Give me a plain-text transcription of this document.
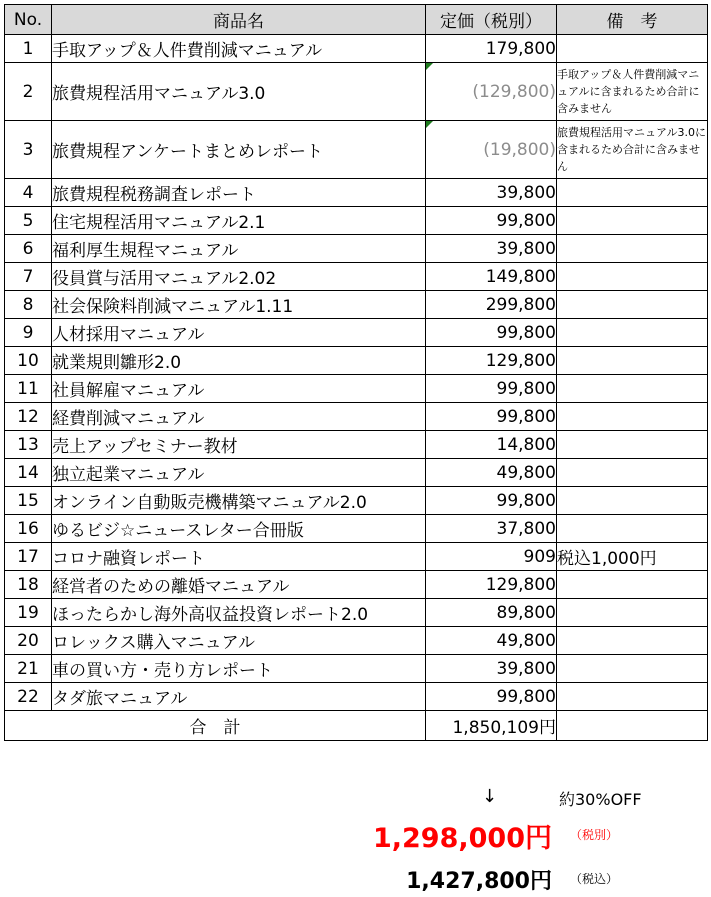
No.	商品名	定価（税別）	備　考
1	手取アップ＆人件費削減マニュアル	179,800	
2	旅費規程活用マニュアル3.0	(129,800)	手取アップ＆人件費削減マニュアルに含まれるため合計に含みません
3	旅費規程アンケートまとめレポート	(19,800)	旅費規程活用マニュアル3.0に含まれるため合計に含みません
4	旅費規程税務調査レポート	39,800	
5	住宅規程活用マニュアル2.1	99,800	
6	福利厚生規程マニュアル	39,800	
7	役員賞与活用マニュアル2.02	149,800	
8	社会保険料削減マニュアル1.11	299,800	
9	人材採用マニュアル	99,800	
10	就業規則雛形2.0	129,800	
11	社員解雇マニュアル	99,800	
12	経費削減マニュアル	99,800	
13	売上アップセミナー教材	14,800	
14	独立起業マニュアル	49,800	
15	オンライン自動販売機構築マニュアル2.0	99,800	
16	ゆるビジ☆ニュースレター合冊版	37,800	
17	コロナ融資レポート	909	税込1,000円
18	経営者のための離婚マニュアル	129,800	
19	ほったらかし海外高収益投資レポート2.0	89,800	
20	ロレックス購入マニュアル	49,800	
21	車の買い方・売り方レポート	39,800	
22	タダ旅マニュアル	99,800	
合　計		1,850,109円	
↓	約30%OFF
1,298,000円 （税別）
1,427,800円 （税込）
